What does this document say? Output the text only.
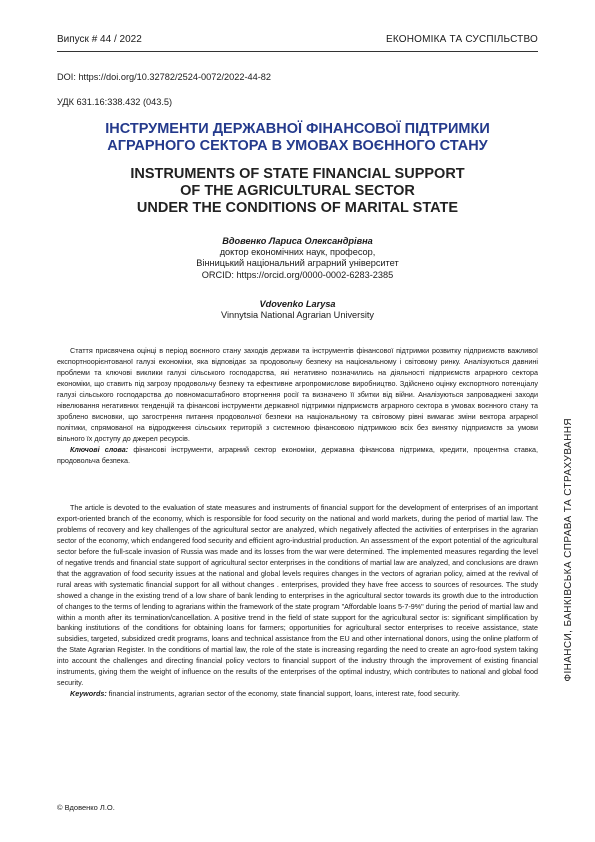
Випуск # 44 / 2022	ЕКОНОМІКА ТА СУСПІЛЬСТВО
DOI: https://doi.org/10.32782/2524-0072/2022-44-82
УДК 631.16:338.432 (043.5)
ІНСТРУМЕНТИ ДЕРЖАВНОЇ ФІНАНСОВОЇ ПІДТРИМКИ
АГРАРНОГО СЕКТОРА В УМОВАХ ВОЄННОГО СТАНУ
INSTRUMENTS OF STATE FINANCIAL SUPPORT
OF THE AGRICULTURAL SECTOR
UNDER THE CONDITIONS OF MARITAL STATE
Вдовенко Лариса Олександрівна
доктор економічних наук, професор,
Вінницький національний аграрний університет
ORCID: https://orcid.org/0000-0002-6283-2385
Vdovenko Larysa
Vinnytsia National Agrarian University

Стаття присвячена оцінці в період воєнного стану заходів держави та інструментів фінансової підтримки розвитку підприємств важливої експортноорієнтованої галузі економіки, яка відповідає за продовольчу безпеку на національному і світовому ринку. Аналізуються давнині проблеми та ключові виклики галузі сільського господарства, які негативно позначились на діяльності підприємств аграрного сектора економіки, що ставить під загрозу продовольчу безпеку та ефективне агропромислове виробництво. Здійснено оцінку експортного потенціалу галузі сільського господарства до повномасштабного вторгнення росії та визначено її збитки від війни. Аналізуються запроваджені заходи нівелювання негативних тенденцій та фінансові інструменти державної підтримки підприємств аграрного сектора в умовах воєнного стану та зроблено висновки, що загострення питання продовольчої безпеки на національному та світовому рівні вимагає зміни вектора аграрної політики, спрямованої на відродження сільських територій з системною фінансовою підтримкою всіх без винятку підприємств за умови вільного їх доступу до джерел ресурсів.

Ключові слова: фінансові інструменти, аграрний сектор економіки, державна фінансова підтримка, кредити, процентна ставка, продовольча безпека.

The article is devoted to the evaluation of state measures and instruments of financial support for the development of enterprises of an important export-oriented branch of the economy, which is responsible for food security on the national and world markets, during the period of martial law. The problems of recovery and key challenges of the agricultural sector are analyzed, which negatively affected the activities of enterprises in the agrarian sector of the economy, which endangered food security and efficient agro-industrial production. An assessment of the export potential of the agricultural sector before the full-scale invasion of Russia was made and its losses from the war were determined. The implemented measures regarding the level of negative trends and financial state support of agricultural sector enterprises in the conditions of martial law are analyzed, and conclusions are drawn that the aggravation of food security issues at the national and global levels requires changes in the vectors of agrarian policy, aimed at the revival of rural areas with systematic financial support for all without changes . enterprises, provided they have free access to sources of resources. The study showed a change in the existing trend of a low share of bank lending to enterprises in the agricultural sector towards its growth due to the introduction of changes to the terms of lending to agrarians within the framework of the state program "Affordable loans 5-7-9%" during the period of martial law and within a month after its termination/cancellation. A positive trend in the field of state support for the agricultural sector is: significant simplification by banking institutions of the conditions for obtaining loans for farmers; opportunities for agricultural sector enterprises to receive assistance, state subsidies, targeted, subsidized credit programs, loans and technical assistance from the EU and other international donors, using the online platform of the State Agrarian Register. In the conditions of martial law, the role of the state is increasing regarding the need to create an agro-food system taking into account the challenges and directing financial policy vectors to financial support of the industry through the improvement of existing financial instruments, giving them the weight of influence on the results of the enterprises of the optimal industry, which contributes to national and global food security.

Keywords: financial instruments, agrarian sector of the economy, state financial support, loans, interest rate, food security.

ФІНАНСИ, БАНКІВСЬКА СПРАВА ТА СТРАХУВАННЯ
© Вдовенко Л.О.
